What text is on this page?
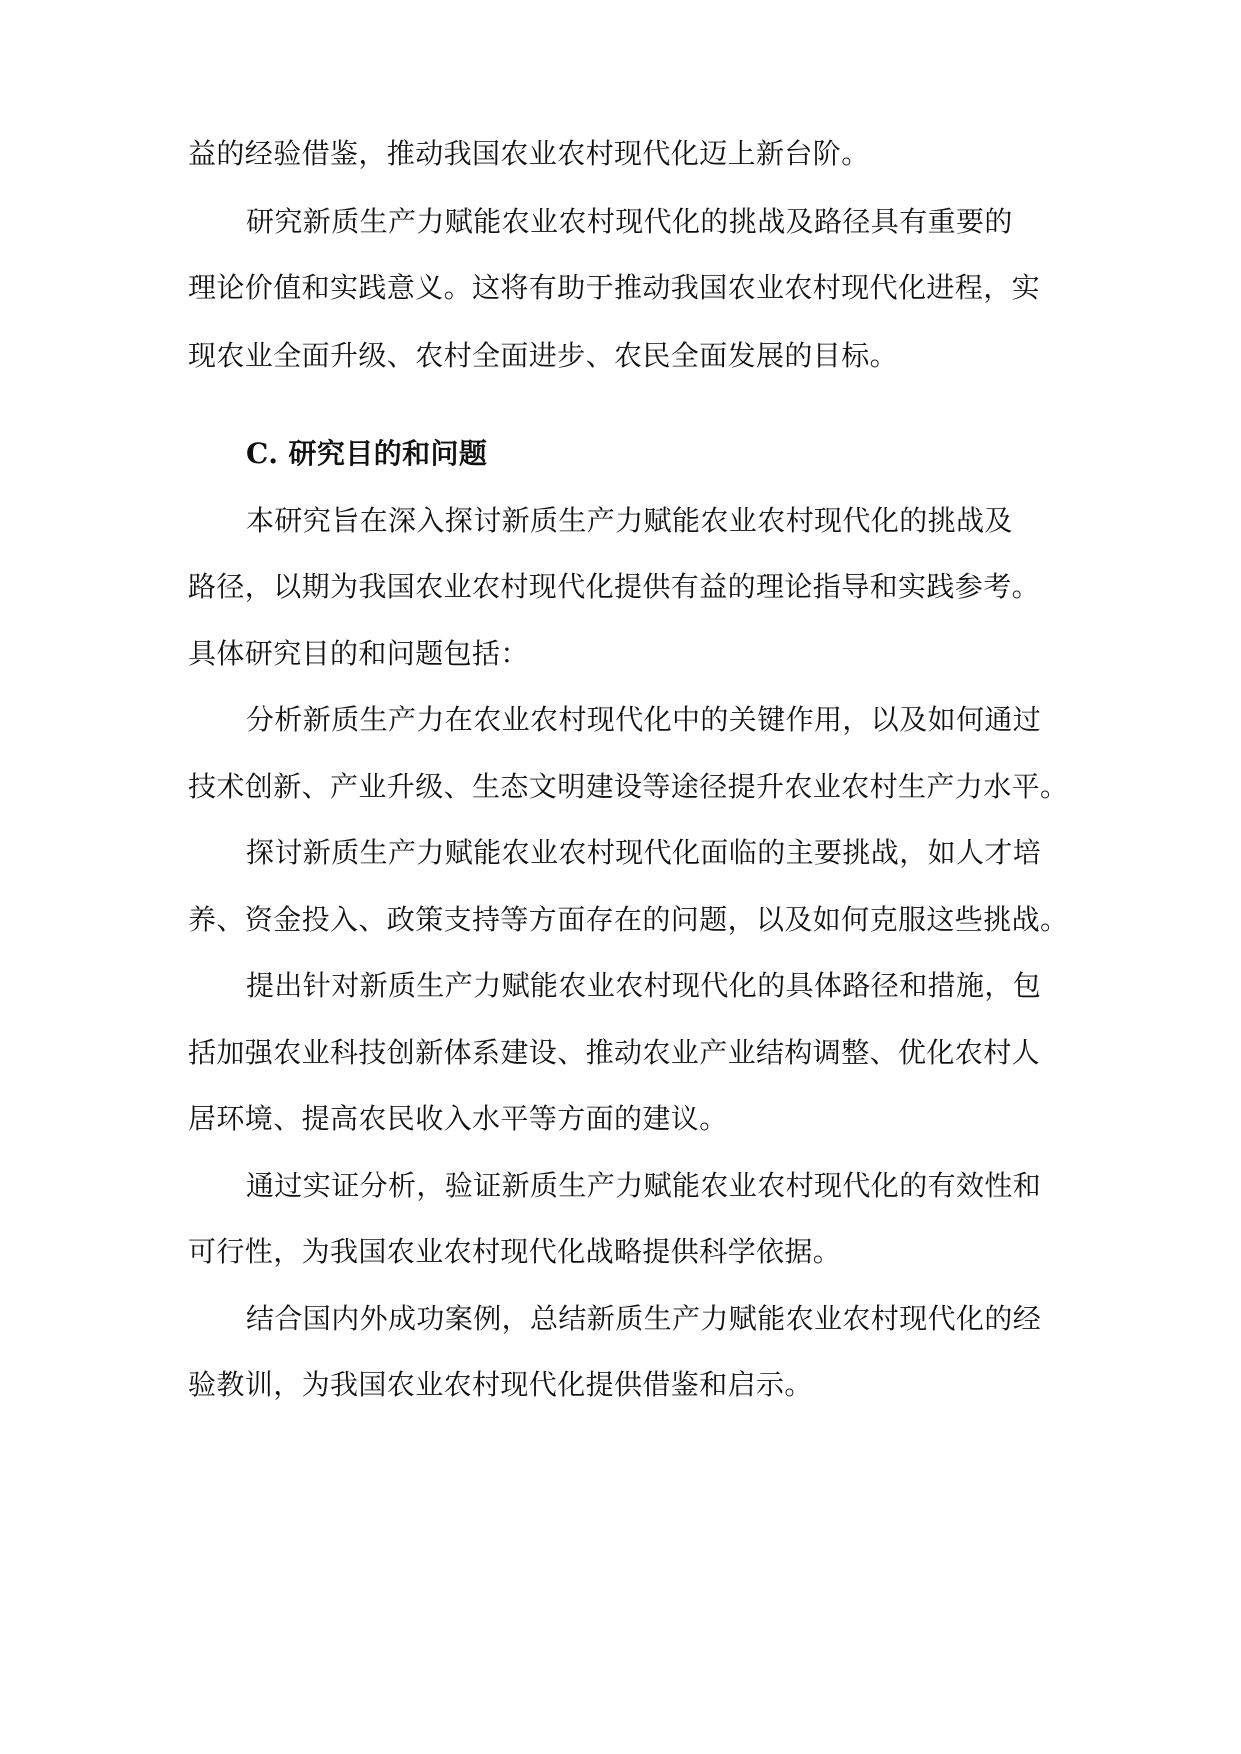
益的经验借鉴，推动我国农业农村现代化迈上新台阶。
研究新质生产力赋能农业农村现代化的挑战及路径具有重要的
理论价值和实践意义。这将有助于推动我国农业农村现代化进程，实
现农业全面升级、农村全面进步、农民全面发展的目标。
C. 研究目的和问题
本研究旨在深入探讨新质生产力赋能农业农村现代化的挑战及
路径，以期为我国农业农村现代化提供有益的理论指导和实践参考。
具体研究目的和问题包括：
分析新质生产力在农业农村现代化中的关键作用，以及如何通过
技术创新、产业升级、生态文明建设等途径提升农业农村生产力水平。
探讨新质生产力赋能农业农村现代化面临的主要挑战，如人才培
养、资金投入、政策支持等方面存在的问题，以及如何克服这些挑战。
提出针对新质生产力赋能农业农村现代化的具体路径和措施，包
括加强农业科技创新体系建设、推动农业产业结构调整、优化农村人
居环境、提高农民收入水平等方面的建议。
通过实证分析，验证新质生产力赋能农业农村现代化的有效性和
可行性，为我国农业农村现代化战略提供科学依据。
结合国内外成功案例，总结新质生产力赋能农业农村现代化的经
验教训，为我国农业农村现代化提供借鉴和启示。
